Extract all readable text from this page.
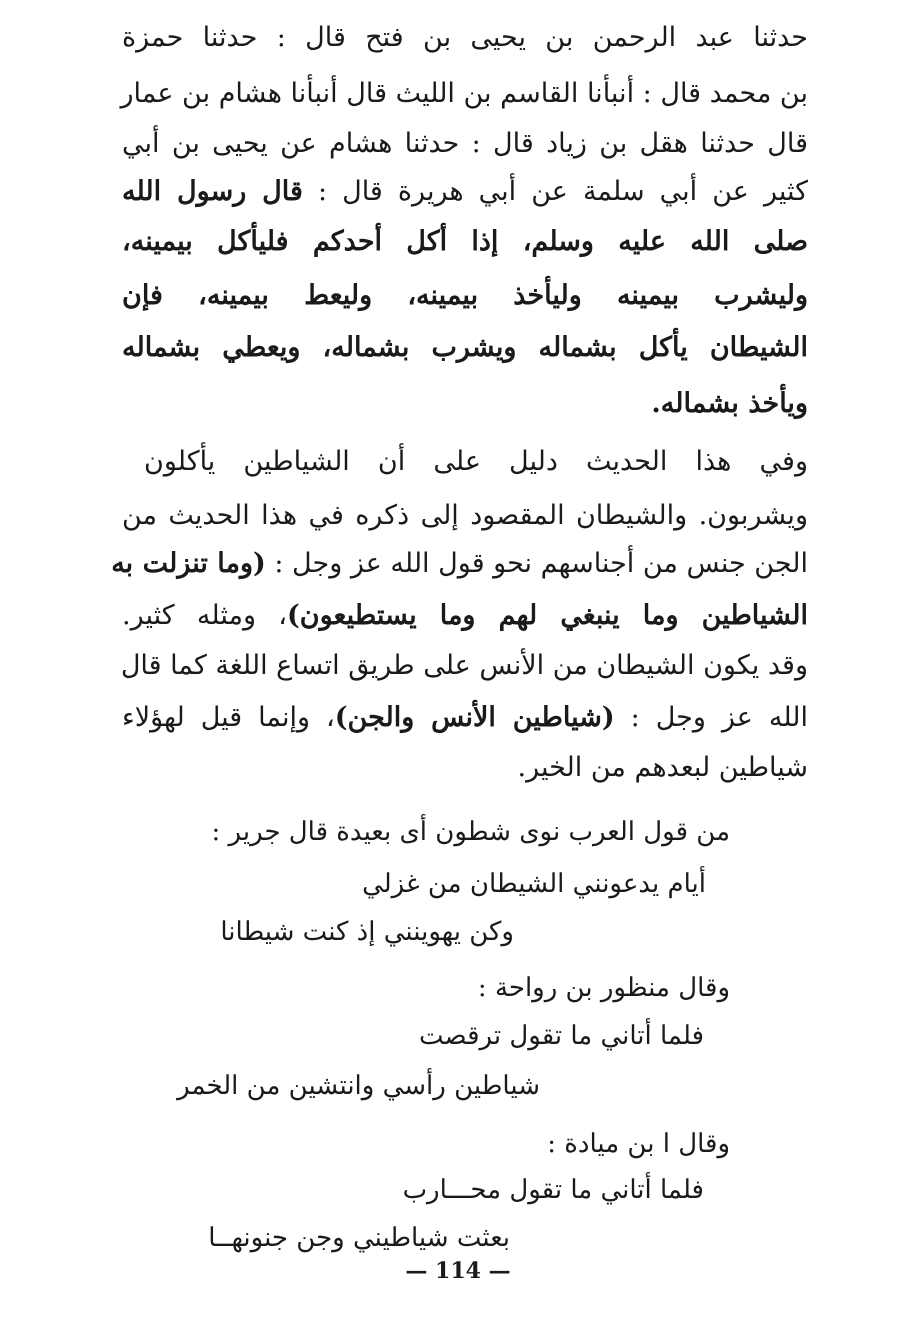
حدثنا عبد الرحمن بن يحيى بن فتح قال : حدثنا حمزة
بن محمد قال : أنبأنا القاسم بن الليث قال أنبأنا هشام بن عمار
قال حدثنا هقل بن زياد قال : حدثنا هشام عن يحيى بن أبي
كثير عن أبي سلمة عن أبي هريرة قال : قال رسول الله
صلى الله عليه وسلم، إذا أكل أحدكم فليأكل بيمينه،
وليشرب بيمينه وليأخذ بيمينه، وليعط بيمينه، فإن
الشيطان يأكل بشماله ويشرب بشماله، ويعطي بشماله
ويأخذ بشماله.
وفي هذا الحديث دليل على أن الشياطين يأكلون
ويشربون. والشيطان المقصود إلى ذكره في هذا الحديث من
الجن جنس من أجناسهم نحو قول الله عز وجل : (وما تنزلت به
الشياطين وما ينبغي لهم وما يستطيعون)، ومثله كثير.
وقد يكون الشيطان من الأنس على طريق اتساع اللغة كما قال
الله عز وجل : (شياطين الأنس والجن)، وإنما قيل لهؤلاء
شياطين لبعدهم من الخير.
من قول العرب نوى شطون أى بعيدة قال جرير :
أيام يدعونني الشيطان من غزلي
وكن يهوينني إذ كنت شيطانا
وقال منظور بن رواحة :
فلما أتاني ما تقول ترقصت
شياطين رأسي وانتشين من الخمر
وقال ا بن ميادة :
فلما أتاني ما تقول محـــارب
بعثت شياطيني وجن جنونهــا
— 114 —
